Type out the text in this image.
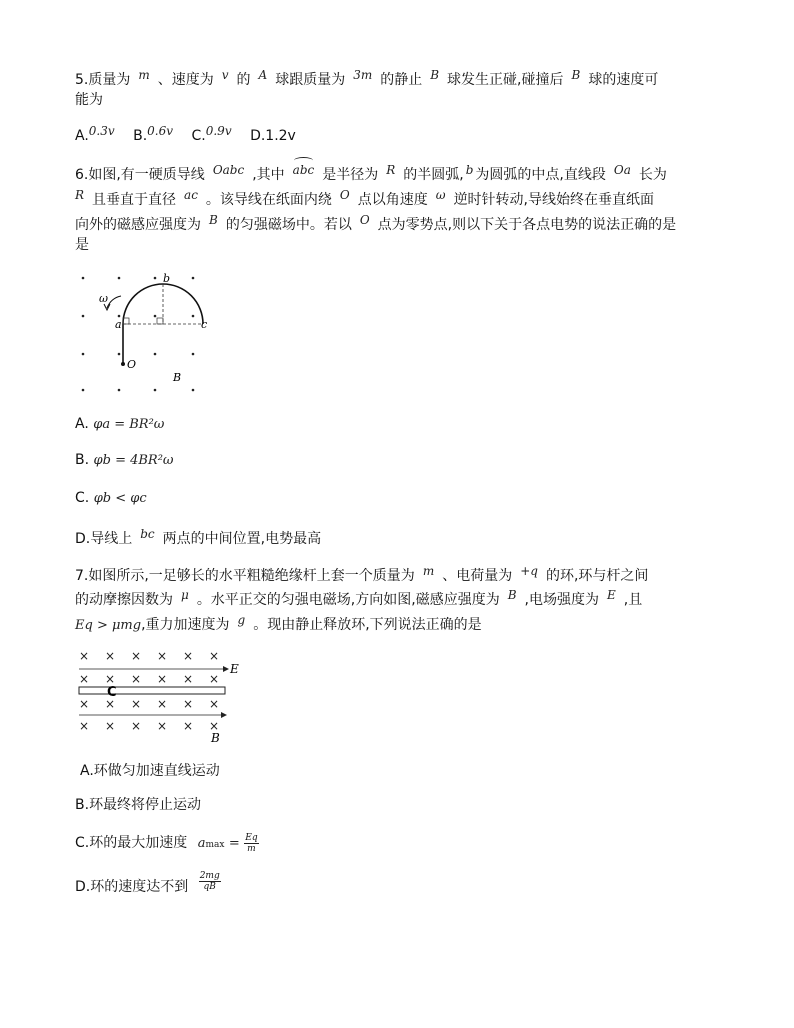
5.质量为 m 、速度为 v 的 A 球跟质量为 3m 的静止 B 球发生正碰,碰撞后 B 球的速度可
能为
A.0.3v B.0.6v C.0.9v D.1.2v
6.如图,有一硬质导线 Oabc ,其中 abc 是半径为 R 的半圆弧, b 为圆弧的中点,直线段 Oa 长为
R 且垂直于直径 ac 。该导线在纸面内绕 O 点以角速度 ω 逆时针转动,导线始终在垂直纸面
向外的磁感应强度为 B 的匀强磁场中。若以 O 点为零势点,则以下关于各点电势的说法正确的是
是
ω
a
b
c
O
B
A. φa = BR²ω
B. φb = 4BR²ω
C. φb < φc
D.导线上 bc 两点的中间位置,电势最高
7.如图所示,一足够长的水平粗糙绝缘杆上套一个质量为 m 、电荷量为 +q 的环,环与杆之间
的动摩擦因数为 μ 。水平正交的匀强电磁场,方向如图,磁感应强度为 B ,电场强度为 E ,且
Eq > μmg,重力加速度为 g 。现由静止释放环,下列说法正确的是
× × × × × ×
× × × × × ×
× × × × × ×
× × × × × ×
E
C
B
A.环做匀加速直线运动
B.环最终将停止运动
C.环的最大加速度 $amax = \frac{Eq}{m}$
D.环的速度达不到 $\frac{2mg}{qB}$
